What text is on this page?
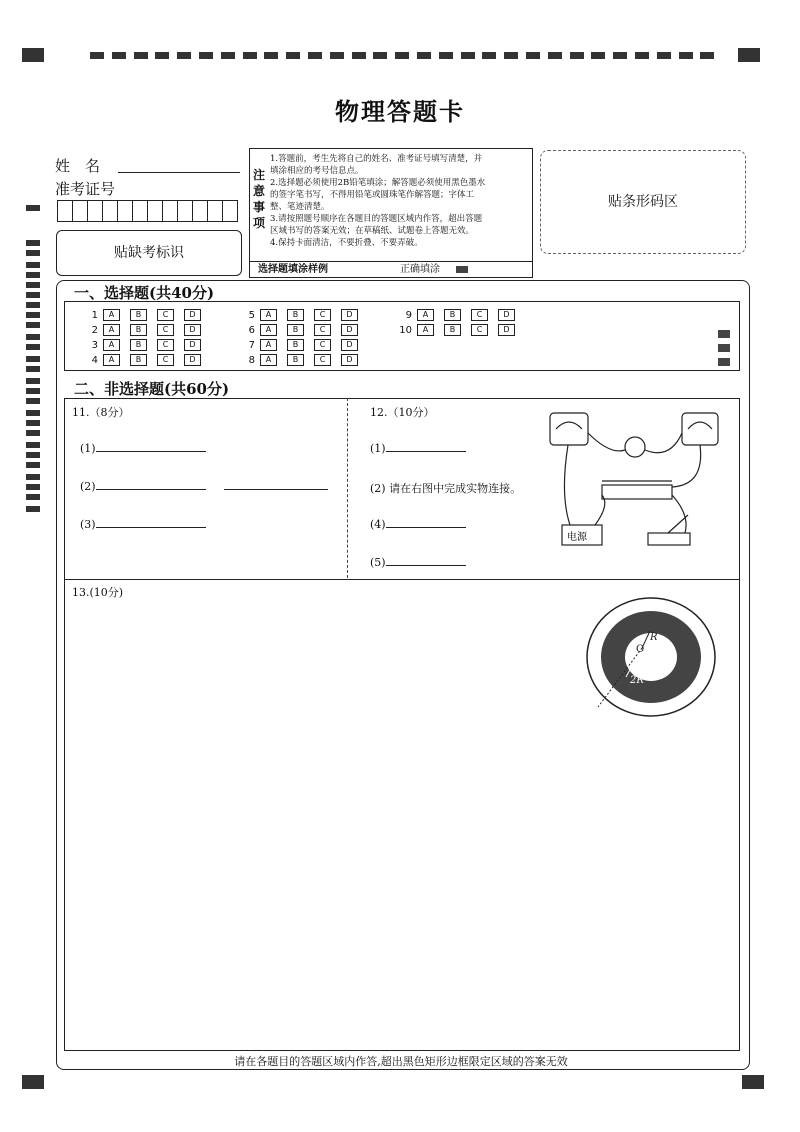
物理答题卡
姓　名
准考证号
贴缺考标识
注
意
事
项
1.答题前，考生先将自己的姓名、准考证号填写清楚，并
填涂相应的考号信息点。
2.选择题必须使用2B铅笔填涂；解答题必须使用黑色墨水
的签字笔书写，不得用铅笔或圆珠笔作解答题；字体工
整、笔迹清楚。
3.请按照题号顺序在各题目的答题区域内作答，超出答题
区域书写的答案无效；在草稿纸、试题卷上答题无效。
4.保持卡面清洁，不要折叠、不要弄破。
选择题填涂样例	正确填涂
贴条形码区
一、选择题(共40分)
1	A	B	C	D
2	A	B	C	D
3	A	B	C	D
4	A	B	C	D
5	A	B	C	D
6	A	B	C	D
7	A	B	C	D
8	A	B	C	D
9	A	B	C	D
10	A	B	C	D
二、非选择题(共60分)
11.（8分）
(1)
(2)
(3)
12.（10分）
(1)
(2) 请在右图中完成实物连接。
(4)
(5)
电源
13.(10分)
R
O
2R
请在各题目的答题区域内作答,超出黑色矩形边框限定区域的答案无效
